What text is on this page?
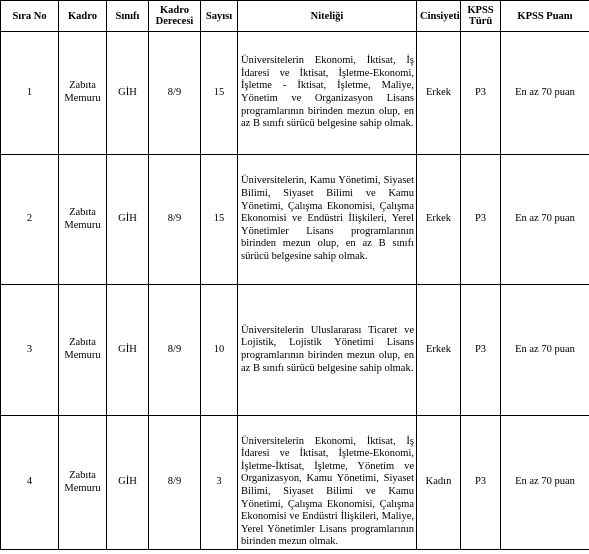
Sıra No	Kadro	Sınıfı	Kadro Derecesi	Sayısı	Niteliği	Cinsiyeti	KPSS Türü	KPSS Puanı
1	Zabıta Memuru	GİH	8/9	15	Üniversitelerin Ekonomi, İktisat, İş İdaresi ve İktisat, İşletme-Ekonomi, İşletme - İktisat, İşletme, Maliye, Yönetim ve Organizasyon Lisans programlarının birinden mezun olup, en az B sınıfı sürücü belgesine sahip olmak.	Erkek	P3	En az 70 puan
2	Zabıta Memuru	GİH	8/9	15	Üniversitelerin, Kamu Yönetimi, Siyaset Bilimi, Siyaset Bilimi ve Kamu Yönetimi, Çalışma Ekonomisi, Çalışma Ekonomisi ve Endüstri İlişkileri, Yerel Yönetimler Lisans programlarının birinden mezun olup, en az B sınıfı sürücü belgesine sahip olmak.	Erkek	P3	En az 70 puan
3	Zabıta Memuru	GİH	8/9	10	Üniversitelerin Uluslararası Ticaret ve Lojistik, Lojistik Yönetimi Lisans programlarının birinden mezun olup, en az B sınıfı sürücü belgesine sahip olmak.	Erkek	P3	En az 70 puan
4	Zabıta Memuru	GİH	8/9	3	Üniversitelerin Ekonomi, İktisat, İş İdaresi ve İktisat, İşletme-Ekonomi, İşletme-İktisat, İşletme, Yönetim ve Organizasyon, Kamu Yönetimi, Siyaset Bilimi, Siyaset Bilimi ve Kamu Yönetimi, Çalışma Ekonomisi, Çalışma Ekonomisi ve Endüstri İlişkileri, Maliye, Yerel Yönetimler Lisans programlarının birinden mezun olmak.	Kadın	P3	En az 70 puan
